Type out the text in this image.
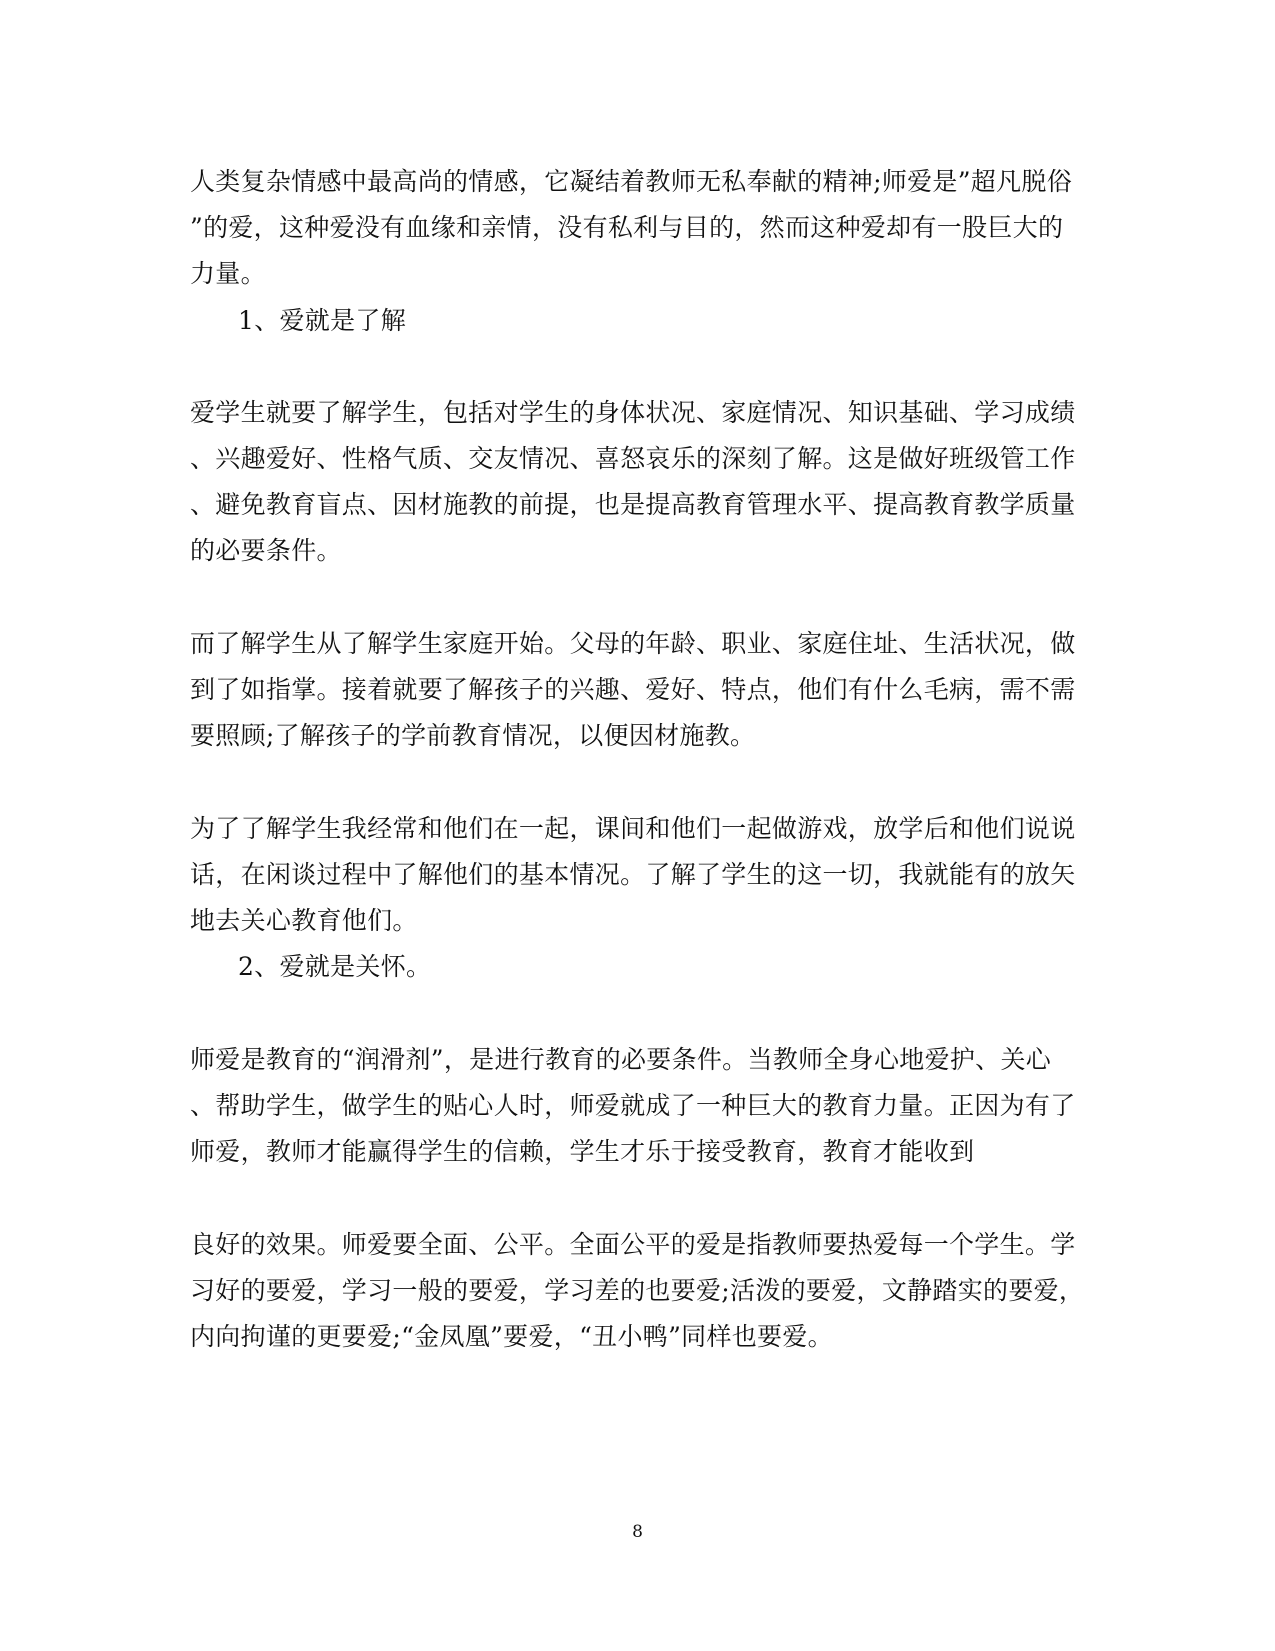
人类复杂情感中最高尚的情感，它凝结着教师无私奉献的精神;师爱是”超凡脱俗
”的爱，这种爱没有血缘和亲情，没有私利与目的，然而这种爱却有一股巨大的
力量。
1、爱就是了解
爱学生就要了解学生，包括对学生的身体状况、家庭情况、知识基础、学习成绩
、兴趣爱好、性格气质、交友情况、喜怒哀乐的深刻了解。这是做好班级管工作
、避免教育盲点、因材施教的前提，也是提高教育管理水平、提高教育教学质量
的必要条件。
而了解学生从了解学生家庭开始。父母的年龄、职业、家庭住址、生活状况，做
到了如指掌。接着就要了解孩子的兴趣、爱好、特点，他们有什么毛病，需不需
要照顾;了解孩子的学前教育情况，以便因材施教。
为了了解学生我经常和他们在一起，课间和他们一起做游戏，放学后和他们说说
话，在闲谈过程中了解他们的基本情况。了解了学生的这一切，我就能有的放矢
地去关心教育他们。
2、爱就是关怀。
师爱是教育的“润滑剂”，是进行教育的必要条件。当教师全身心地爱护、关心
、帮助学生，做学生的贴心人时，师爱就成了一种巨大的教育力量。正因为有了
师爱，教师才能赢得学生的信赖，学生才乐于接受教育，教育才能收到
良好的效果。师爱要全面、公平。全面公平的爱是指教师要热爱每一个学生。学
习好的要爱，学习一般的要爱，学习差的也要爱;活泼的要爱，文静踏实的要爱，
内向拘谨的更要爱;“金凤凰”要爱，“丑小鸭”同样也要爱。
8
